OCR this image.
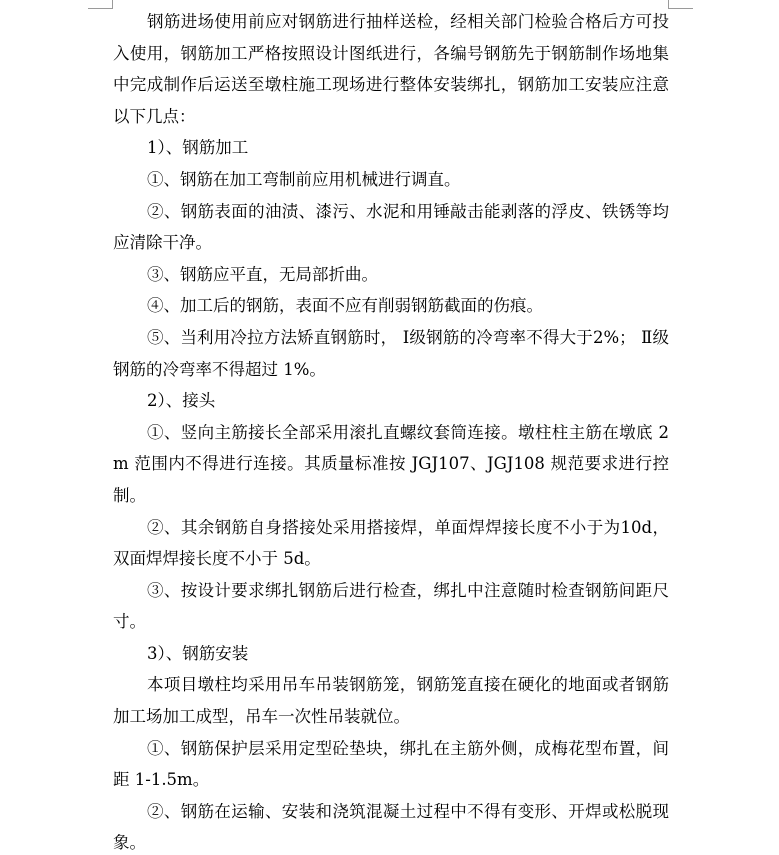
钢筋进场使用前应对钢筋进行抽样送检，经相关部门检验合格后方可投入使用，钢筋加工严格按照设计图纸进行，各编号钢筋先于钢筋制作场地集中完成制作后运送至墩柱施工现场进行整体安装绑扎，钢筋加工安装应注意以下几点：

1）、钢筋加工

①、钢筋在加工弯制前应用机械进行调直。

②、钢筋表面的油渍、漆污、水泥和用锤敲击能剥落的浮皮、铁锈等均应清除干净。

③、钢筋应平直，无局部折曲。

④、加工后的钢筋，表面不应有削弱钢筋截面的伤痕。

⑤、当利用冷拉方法矫直钢筋时， Ⅰ级钢筋的冷弯率不得大于2%； Ⅱ级钢筋的冷弯率不得超过 1%。

2）、接头

①、竖向主筋接长全部采用滚扎直螺纹套筒连接。墩柱柱主筋在墩底 2m 范围内不得进行连接。其质量标准按 JGJ107、JGJ108 规范要求进行控制。

②、其余钢筋自身搭接处采用搭接焊，单面焊焊接长度不小于为10d，双面焊焊接长度不小于 5d。

③、按设计要求绑扎钢筋后进行检查，绑扎中注意随时检查钢筋间距尺寸。

3）、钢筋安装

本项目墩柱均采用吊车吊装钢筋笼，钢筋笼直接在硬化的地面或者钢筋加工场加工成型，吊车一次性吊装就位。

①、钢筋保护层采用定型砼垫块，绑扎在主筋外侧，成梅花型布置，间距 1-1.5m。

②、钢筋在运输、安装和浇筑混凝土过程中不得有变形、开焊或松脱现象。
